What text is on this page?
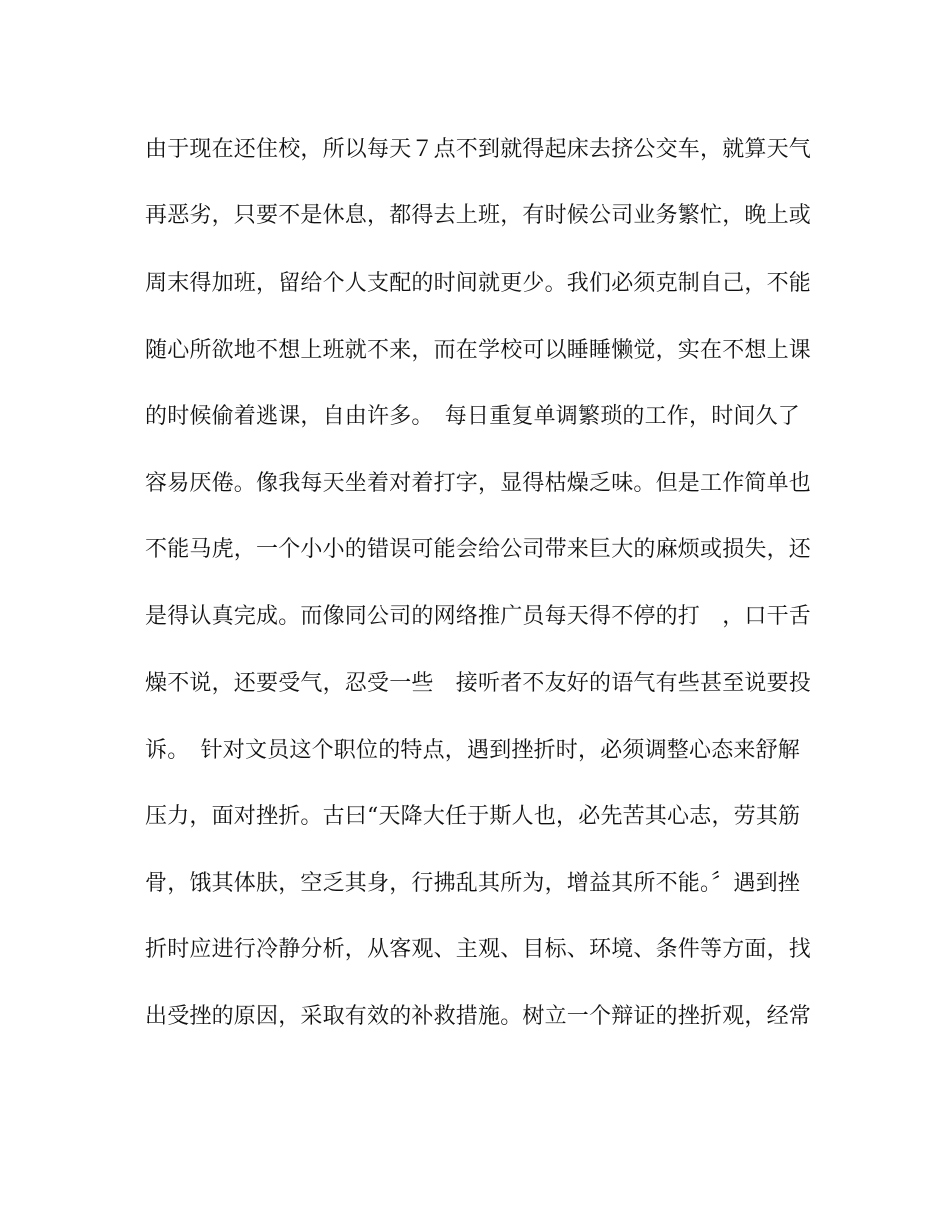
由于现在还住校，所以每天７点不到就得起床去挤公交车，就算天气
再恶劣，只要不是休息，都得去上班，有时候公司业务繁忙，晚上或
周末得加班，留给个人支配的时间就更少。我们必须克制自己，不能
随心所欲地不想上班就不来，而在学校可以睡睡懒觉，实在不想上课
的时候偷着逃课，自由许多。　每日重复单调繁琐的工作，时间久了
容易厌倦。像我每天坐着对着打字，显得枯燥乏味。但是工作简单也
不能马虎，一个小小的错误可能会给公司带来巨大的麻烦或损失，还
是得认真完成。而像同公司的网络推广员每天得不停的打　，口干舌
燥不说，还要受气，忍受一些　接听者不友好的语气有些甚至说要投
诉。　针对文员这个职位的特点，遇到挫折时，必须调整心态来舒解
压力，面对挫折。古曰“天降大任于斯人也，必先苦其心志，劳其筋
骨，饿其体肤，空乏其身，行拂乱其所为，增益其所不能。〞遇到挫
折时应进行冷静分析，从客观、主观、目标、环境、条件等方面，找
出受挫的原因，采取有效的补救措施。树立一个辩证的挫折观，经常
